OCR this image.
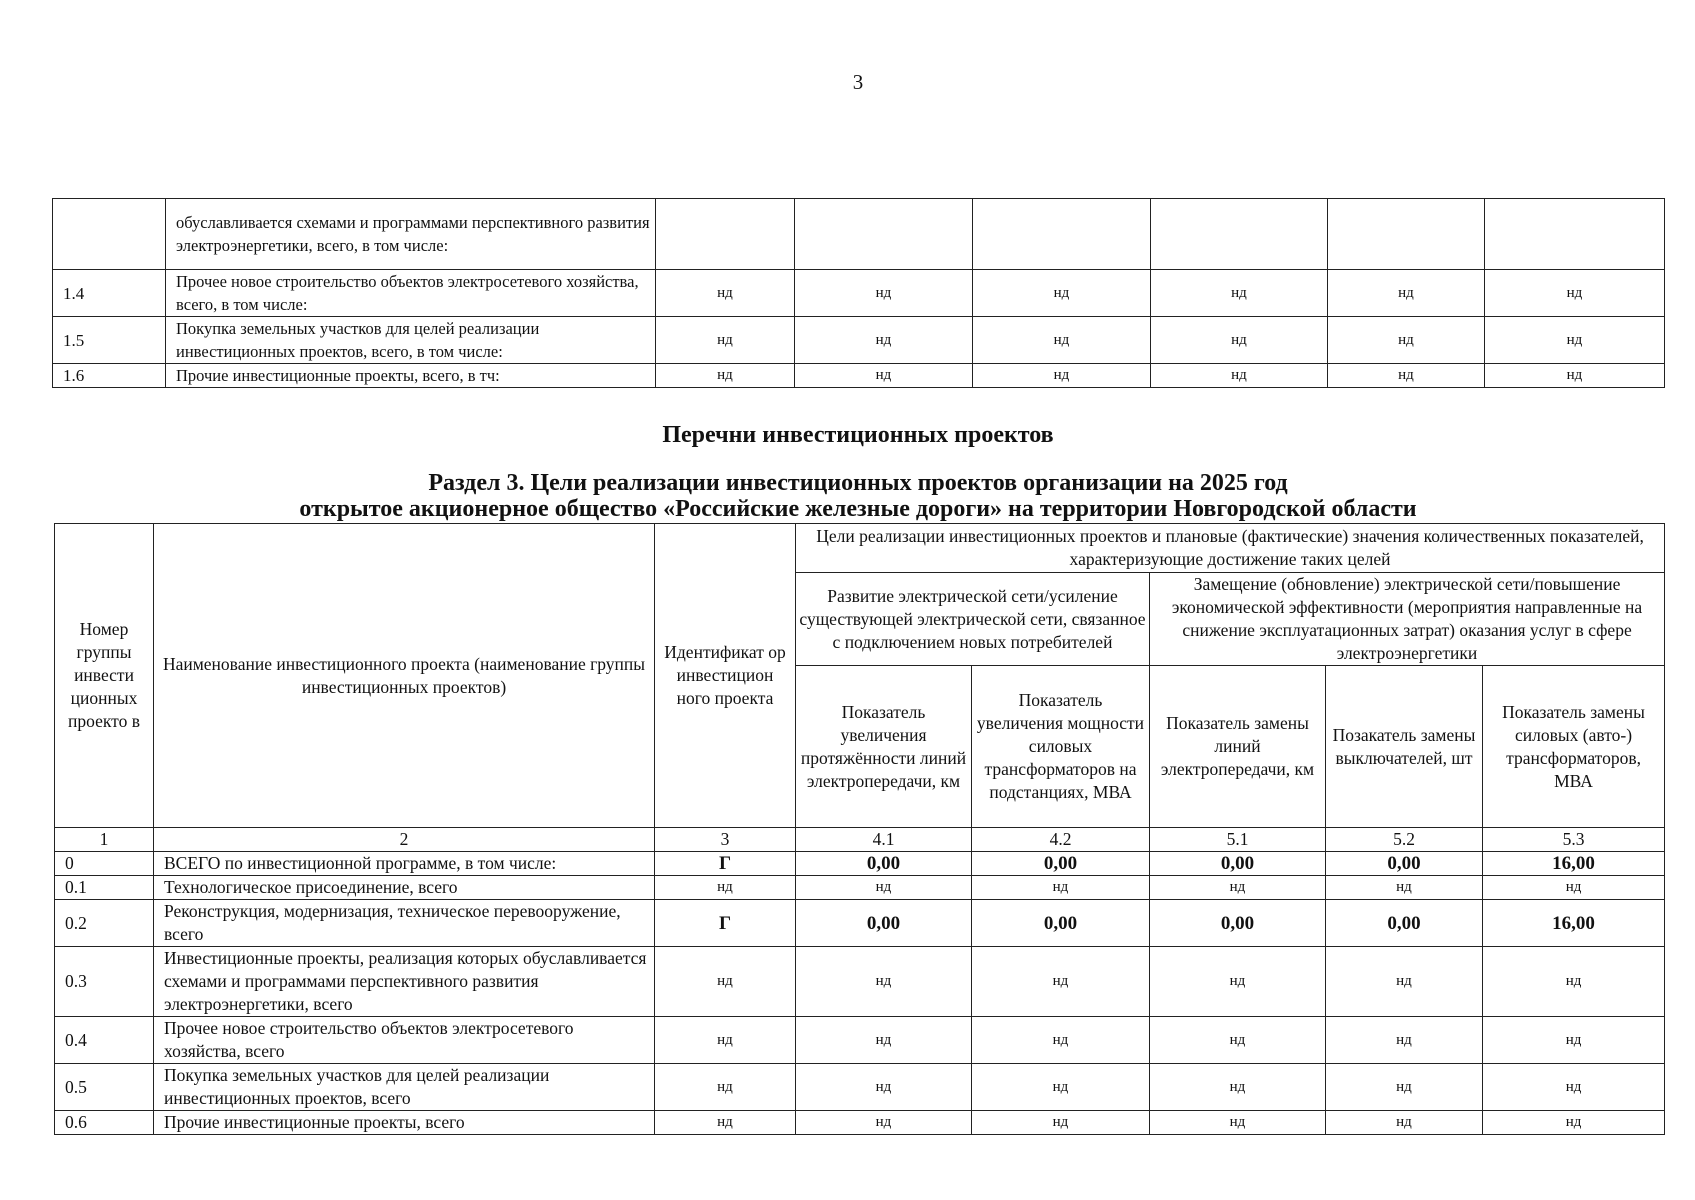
3
	обуславливается схемами и программами перспективного развития электроэнергетики, всего, в том числе:						
1.4	Прочее новое строительство объектов электросетевого хозяйства, всего, в том числе:	нд	нд	нд	нд	нд	нд
1.5	Покупка земельных участков для целей реализации инвестиционных проектов, всего, в том числе:	нд	нд	нд	нд	нд	нд
1.6	Прочие инвестиционные проекты, всего, в тч:	нд	нд	нд	нд	нд	нд
Перечни инвестиционных проектов
Раздел 3. Цели реализации инвестиционных проектов организации на 2025 год
открытое акционерное общество «Российские железные дороги» на территории Новгородской области
Номер группы инвести ционных проекто в	Наименование инвестиционного проекта (наименование группы инвестиционных проектов)	Идентификат ор инвестицион ного проекта	Цели реализации инвестиционных проектов и плановые (фактические) значения количественных показателей, характеризующие достижение таких целей				
			Развитие электрической сети/усиление существующей электрической сети, связанное с подключением новых потребителей		Замещение (обновление) электрической сети/повышение экономической эффективности (мероприятия направленные на снижение эксплуатационных затрат) оказания услуг в сфере электроэнергетики		
			Показатель увеличения протяжённости линий электропередачи, км	Показатель увеличения мощности силовых трансформаторов на подстанциях, МВА	Показатель замены линий электропередачи, км	Позакатель замены выключателей, шт	Показатель замены силовых (авто-) трансформаторов, МВА
1	2	3	4.1	4.2	5.1	5.2	5.3
0	ВСЕГО по инвестиционной программе, в том числе:	Г	0,00	0,00	0,00	0,00	16,00
0.1	Технологическое присоединение, всего	нд	нд	нд	нд	нд	нд
0.2	Реконструкция, модернизация, техническое перевооружение, всего	Г	0,00	0,00	0,00	0,00	16,00
0.3	Инвестиционные проекты, реализация которых обуславливается схемами и программами перспективного развития электроэнергетики, всего	нд	нд	нд	нд	нд	нд
0.4	Прочее новое строительство объектов электросетевого хозяйства, всего	нд	нд	нд	нд	нд	нд
0.5	Покупка земельных участков для целей реализации инвестиционных проектов, всего	нд	нд	нд	нд	нд	нд
0.6	Прочие инвестиционные проекты, всего	нд	нд	нд	нд	нд	нд
